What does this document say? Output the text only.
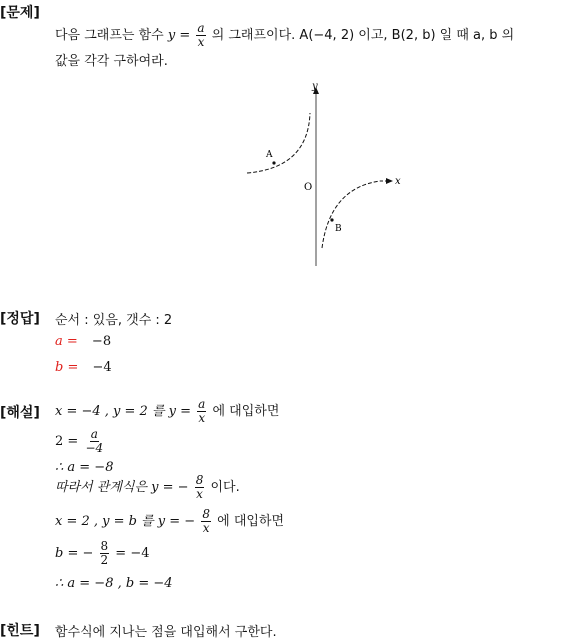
[문제]
다음 그래프는 함수 $y = \frac{a}{x}$ 의 그래프이다. A(−4, 2) 이고, B(2, b) 일 때 a, b 의
값을 각각 구하여라.
y
x
O
A
B
[정답] 순서 : 있음, 갯수 : 2
a = −8
b = −4
[해설] x = −4 , y = 2 를 $y = \frac{a}{x}$ 에 대입하면
$2 = \frac{a}{-4}$
∴ a = −8
따라서 관계식은 y = − $\frac{8}{x}$ 이다.
x = 2 , y = b 를 y = − $\frac{8}{x}$ 에 대입하면
b = − $\frac{8}{2} = -4$
∴ a = −8 , b = −4
[힌트] 함수식에 지나는 점을 대입해서 구한다.
